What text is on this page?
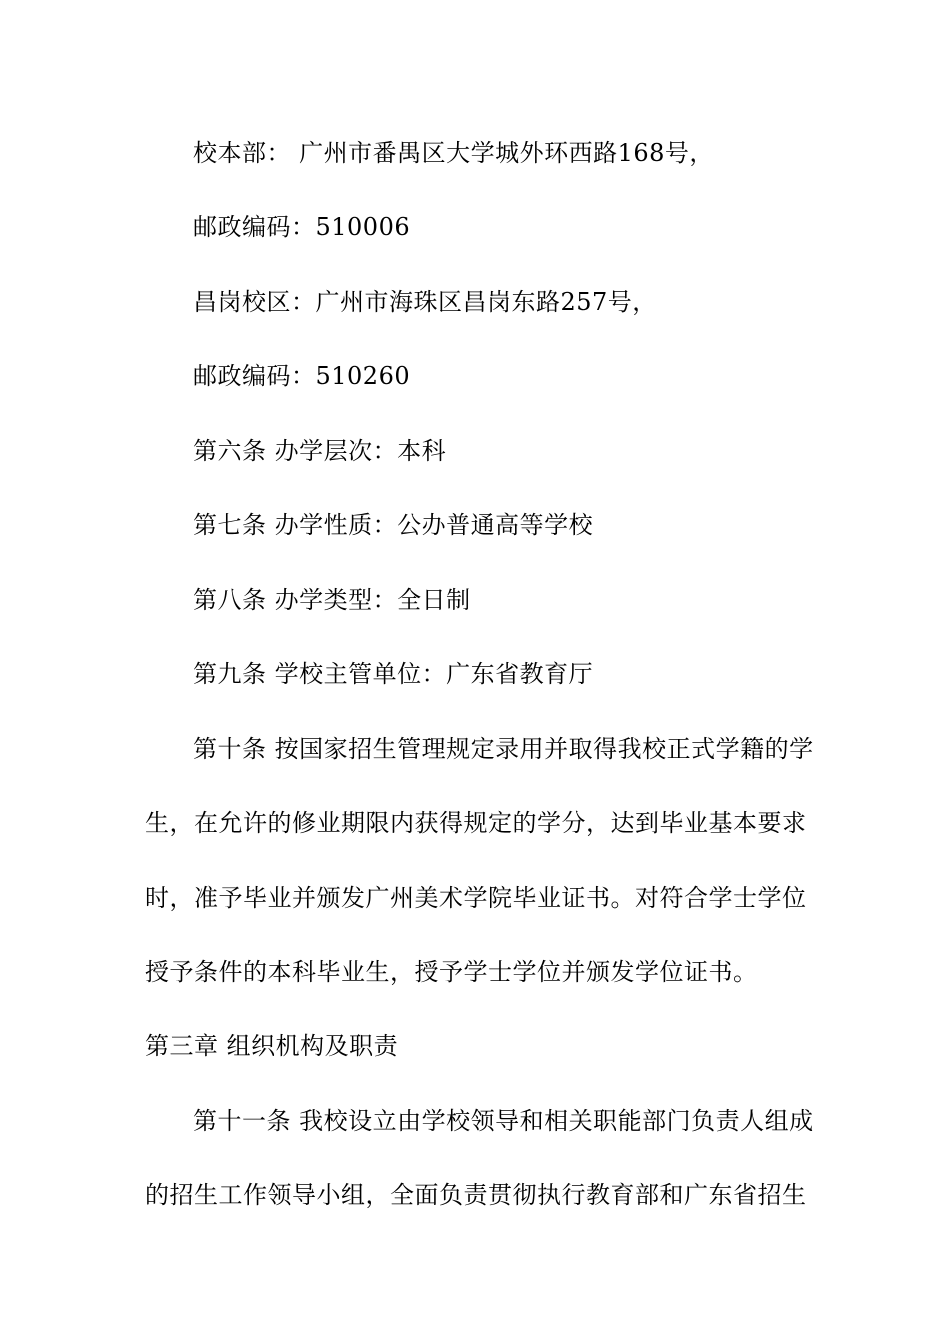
校本部： 广州市番禺区大学城外环西路168号，
邮政编码：510006
昌岗校区：广州市海珠区昌岗东路257号，
邮政编码：510260
第六条 办学层次：本科
第七条 办学性质：公办普通高等学校
第八条 办学类型：全日制
第九条 学校主管单位：广东省教育厅
第十条 按国家招生管理规定录用并取得我校正式学籍的学
生，在允许的修业期限内获得规定的学分，达到毕业基本要求
时，准予毕业并颁发广州美术学院毕业证书。对符合学士学位
授予条件的本科毕业生，授予学士学位并颁发学位证书。
第三章 组织机构及职责
第十一条 我校设立由学校领导和相关职能部门负责人组成
的招生工作领导小组，全面负责贯彻执行教育部和广东省招生
